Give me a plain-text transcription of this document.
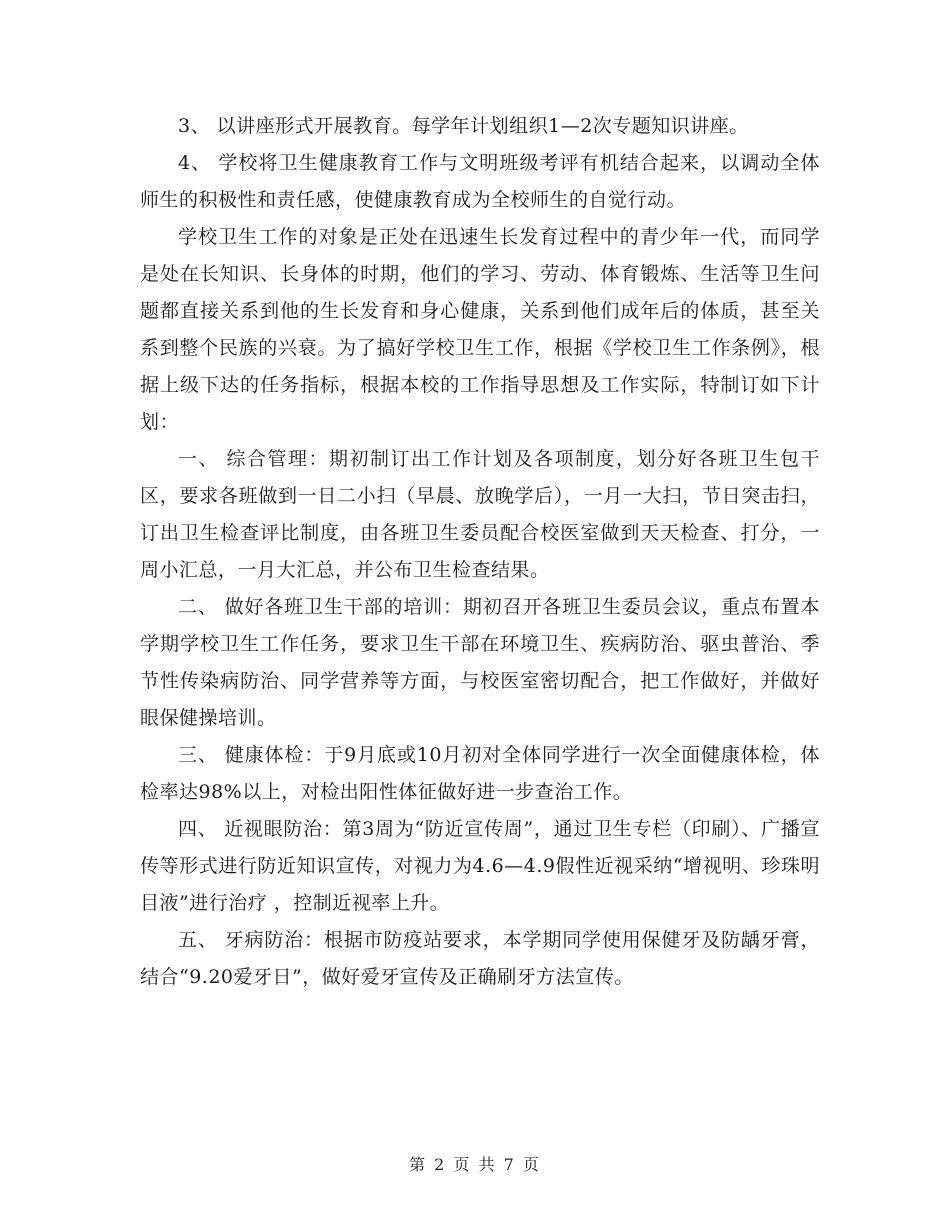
3、 以讲座形式开展教育。每学年计划组织1—2次专题知识讲座。

4、 学校将卫生健康教育工作与文明班级考评有机结合起来，以调动全体师生的积极性和责任感，使健康教育成为全校师生的自觉行动。

学校卫生工作的对象是正处在迅速生长发育过程中的青少年一代，而同学是处在长知识、长身体的时期，他们的学习、劳动、体育锻炼、生活等卫生问题都直接关系到他的生长发育和身心健康，关系到他们成年后的体质，甚至关系到整个民族的兴衰。为了搞好学校卫生工作，根据《学校卫生工作条例》，根据上级下达的任务指标，根据本校的工作指导思想及工作实际，特制订如下计划：

一、 综合管理：期初制订出工作计划及各项制度，划分好各班卫生包干区，要求各班做到一日二小扫（早晨、放晚学后），一月一大扫，节日突击扫，订出卫生检查评比制度，由各班卫生委员配合校医室做到天天检查、打分，一周小汇总，一月大汇总，并公布卫生检查结果。

二、 做好各班卫生干部的培训：期初召开各班卫生委员会议，重点布置本学期学校卫生工作任务，要求卫生干部在环境卫生、疾病防治、驱虫普治、季节性传染病防治、同学营养等方面，与校医室密切配合，把工作做好，并做好眼保健操培训。

三、 健康体检：于9月底或10月初对全体同学进行一次全面健康体检，体检率达98%以上，对检出阳性体征做好进一步查治工作。

四、 近视眼防治：第3周为“防近宣传周”，通过卫生专栏（印刷）、广播宣传等形式进行防近知识宣传，对视力为4.6—4.9假性近视采纳“增视明、珍珠明目液”进行治疗 ，控制近视率上升。

五、 牙病防治：根据市防疫站要求，本学期同学使用保健牙及防龋牙膏，结合“9.20爱牙日”，做好爱牙宣传及正确刷牙方法宣传。

第 2 页 共 7 页
